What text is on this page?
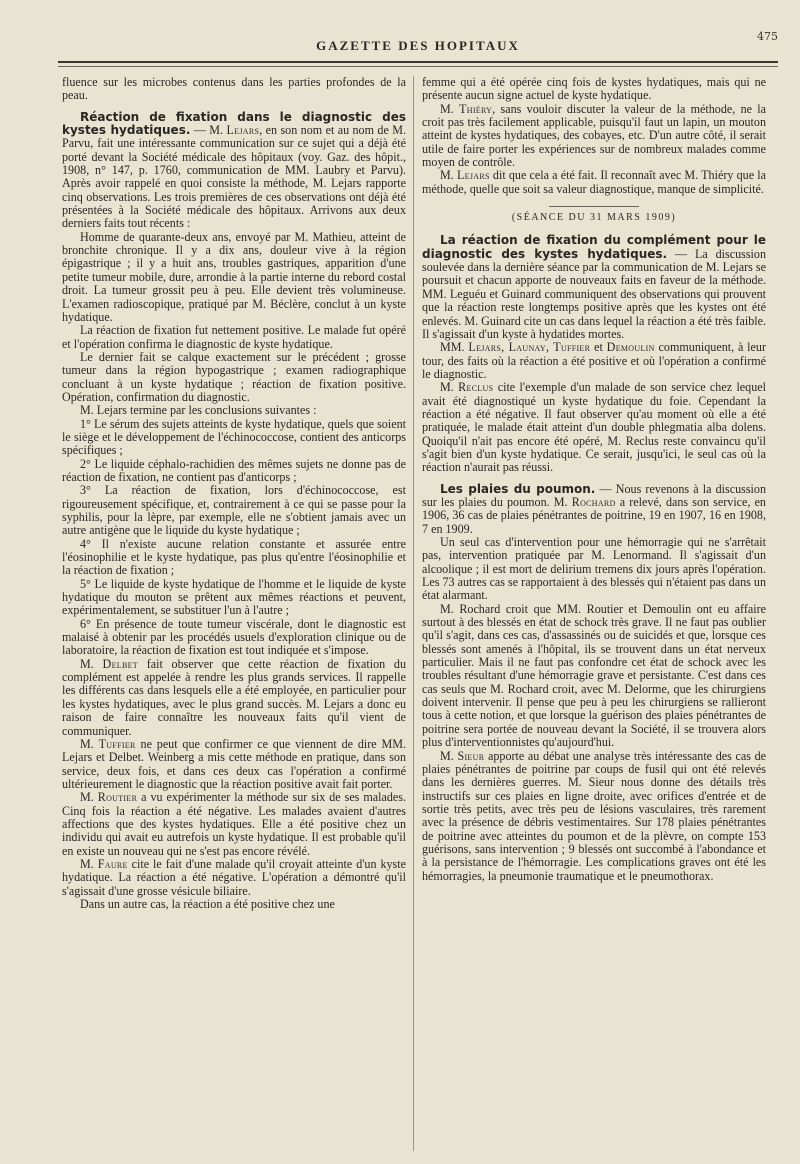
GAZETTE DES HOPITAUX
475

fluence sur les microbes contenus dans les parties profondes de la peau.

Réaction de fixation dans le diagnostic des kystes hydatiques. — M. Lejars, en son nom et au nom de M. Parvu, fait une intéressante communication sur ce sujet qui a déjà été porté devant la Société médicale des hôpitaux (voy. Gaz. des hôpit., 1908, n° 147, p. 1760, communication de MM. Laubry et Parvu). Après avoir rappelé en quoi consiste la méthode, M. Lejars rapporte cinq observations. Les trois premières de ces observations ont déjà été présentées à la Société médicale des hôpitaux. Arrivons aux deux derniers faits tout récents :

Homme de quarante-deux ans, envoyé par M. Mathieu, atteint de bronchite chronique. Il y a dix ans, douleur vive à la région épigastrique ; il y a huit ans, troubles gastriques, apparition d'une petite tumeur mobile, dure, arrondie à la partie interne du rebord costal droit. La tumeur grossit peu à peu. Elle devient très volumineuse. L'examen radioscopique, pratiqué par M. Béclère, conclut à un kyste hydatique.

La réaction de fixation fut nettement positive. Le malade fut opéré et l'opération confirma le diagnostic de kyste hydatique.

Le dernier fait se calque exactement sur le précédent ; grosse tumeur dans la région hypogastrique ; examen radiographique concluant à un kyste hydatique ; réaction de fixation positive. Opération, confirmation du diagnostic.

M. Lejars termine par les conclusions suivantes :

1° Le sérum des sujets atteints de kyste hydatique, quels que soient le siège et le développement de l'échinococcose, contient des anticorps spécifiques ;

2° Le liquide céphalo-rachidien des mêmes sujets ne donne pas de réaction de fixation, ne contient pas d'anticorps ;

3° La réaction de fixation, lors d'échinococcose, est rigoureusement spécifique, et, contrairement à ce qui se passe pour la syphilis, pour la lèpre, par exemple, elle ne s'obtient jamais avec un autre antigène que le liquide du kyste hydatique ;

4° Il n'existe aucune relation constante et assurée entre l'éosinophilie et le kyste hydatique, pas plus qu'entre l'éosinophilie et la réaction de fixation ;

5° Le liquide de kyste hydatique de l'homme et le liquide de kyste hydatique du mouton se prêtent aux mêmes réactions et peuvent, expérimentalement, se substituer l'un à l'autre ;

6° En présence de toute tumeur viscérale, dont le diagnostic est malaisé à obtenir par les procédés usuels d'exploration clinique ou de laboratoire, la réaction de fixation est tout indiquée et s'impose.

M. Delbet fait observer que cette réaction de fixation du complément est appelée à rendre les plus grands services. Il rappelle les différents cas dans lesquels elle a été employée, en particulier pour les kystes hydatiques, avec le plus grand succès. M. Lejars a donc eu raison de faire connaître les nouveaux faits qu'il vient de communiquer.

M. Tuffier ne peut que confirmer ce que viennent de dire MM. Lejars et Delbet. Weinberg a mis cette méthode en pratique, dans son service, deux fois, et dans ces deux cas l'opération a confirmé ultérieurement le diagnostic que la réaction positive avait fait porter.

M. Routier a vu expérimenter la méthode sur six de ses malades. Cinq fois la réaction a été négative. Les malades avaient d'autres affections que des kystes hydatiques. Elle a été positive chez un individu qui avait eu autrefois un kyste hydatique. Il est probable qu'il en existe un nouveau qui ne s'est pas encore révélé.

M. Faure cite le fait d'une malade qu'il croyait atteinte d'un kyste hydatique. La réaction a été négative. L'opération a démontré qu'il s'agissait d'une grosse vésicule biliaire.

Dans un autre cas, la réaction a été positive chez une

femme qui a été opérée cinq fois de kystes hydatiques, mais qui ne présente aucun signe actuel de kyste hydatique.

M. Thiéry, sans vouloir discuter la valeur de la méthode, ne la croit pas très facilement applicable, puisqu'il faut un lapin, un mouton atteint de kystes hydatiques, des cobayes, etc. D'un autre côté, il serait utile de faire porter les expériences sur de nombreux malades comme moyen de contrôle.

M. Lejars dit que cela a été fait. Il reconnaît avec M. Thiéry que la méthode, quelle que soit sa valeur diagnostique, manque de simplicité.

(SÉANCE DU 31 MARS 1909)

La réaction de fixation du complément pour le diagnostic des kystes hydatiques. — La discussion soulevée dans la dernière séance par la communication de M. Lejars se poursuit et chacun apporte de nouveaux faits en faveur de la méthode. MM. Leguéu et Guinard communiquent des observations qui prouvent que la réaction reste longtemps positive après que les kystes ont été enlevés. M. Guinard cite un cas dans lequel la réaction a été très faible. Il s'agissait d'un kyste à hydatides mortes.

MM. Lejars, Launay, Tuffier et Demoulin communiquent, à leur tour, des faits où la réaction a été positive et où l'opération a confirmé le diagnostic.

M. Reclus cite l'exemple d'un malade de son service chez lequel avait été diagnostiqué un kyste hydatique du foie. Cependant la réaction a été négative. Il faut observer qu'au moment où elle a été pratiquée, le malade était atteint d'un double phlegmatia alba dolens. Quoiqu'il n'ait pas encore été opéré, M. Reclus reste convaincu qu'il s'agit bien d'un kyste hydatique. Ce serait, jusqu'ici, le seul cas où la réaction n'aurait pas réussi.

Les plaies du poumon. — Nous revenons à la discussion sur les plaies du poumon. M. Rochard a relevé, dans son service, en 1906, 36 cas de plaies pénétrantes de poitrine, 19 en 1907, 16 en 1908, 7 en 1909.

Un seul cas d'intervention pour une hémorragie qui ne s'arrêtait pas, intervention pratiquée par M. Lenormand. Il s'agissait d'un alcoolique ; il est mort de delirium tremens dix jours après l'opération. Les 73 autres cas se rapportaient à des blessés qui n'étaient pas dans un état alarmant.

M. Rochard croit que MM. Routier et Demoulin ont eu affaire surtout à des blessés en état de schock très grave. Il ne faut pas oublier qu'il s'agit, dans ces cas, d'assassinés ou de suicidés et que, lorsque ces blessés sont amenés à l'hôpital, ils se trouvent dans un état nerveux particulier. Mais il ne faut pas confondre cet état de schock avec les troubles résultant d'une hémorragie grave et persistante. C'est dans ces cas seuls que M. Rochard croit, avec M. Delorme, que les chirurgiens doivent intervenir. Il pense que peu à peu les chirurgiens se rallieront tous à cette notion, et que lorsque la guérison des plaies pénétrantes de poitrine sera portée de nouveau devant la Société, il se trouvera alors plus d'interventionnistes qu'aujourd'hui.

M. Sieur apporte au débat une analyse très intéressante des cas de plaies pénétrantes de poitrine par coups de fusil qui ont été relevés dans les dernières guerres. M. Sieur nous donne des détails très instructifs sur ces plaies en ligne droite, avec orifices d'entrée et de sortie très petits, avec très peu de lésions vasculaires, très rarement avec la présence de débris vestimentaires. Sur 178 plaies pénétrantes de poitrine avec atteintes du poumon et de la plèvre, on compte 153 guérisons, sans intervention ; 9 blessés ont succombé à l'abondance et à la persistance de l'hémorragie. Les complications graves ont été les hémorragies, la pneumonie traumatique et le pneumothorax.
